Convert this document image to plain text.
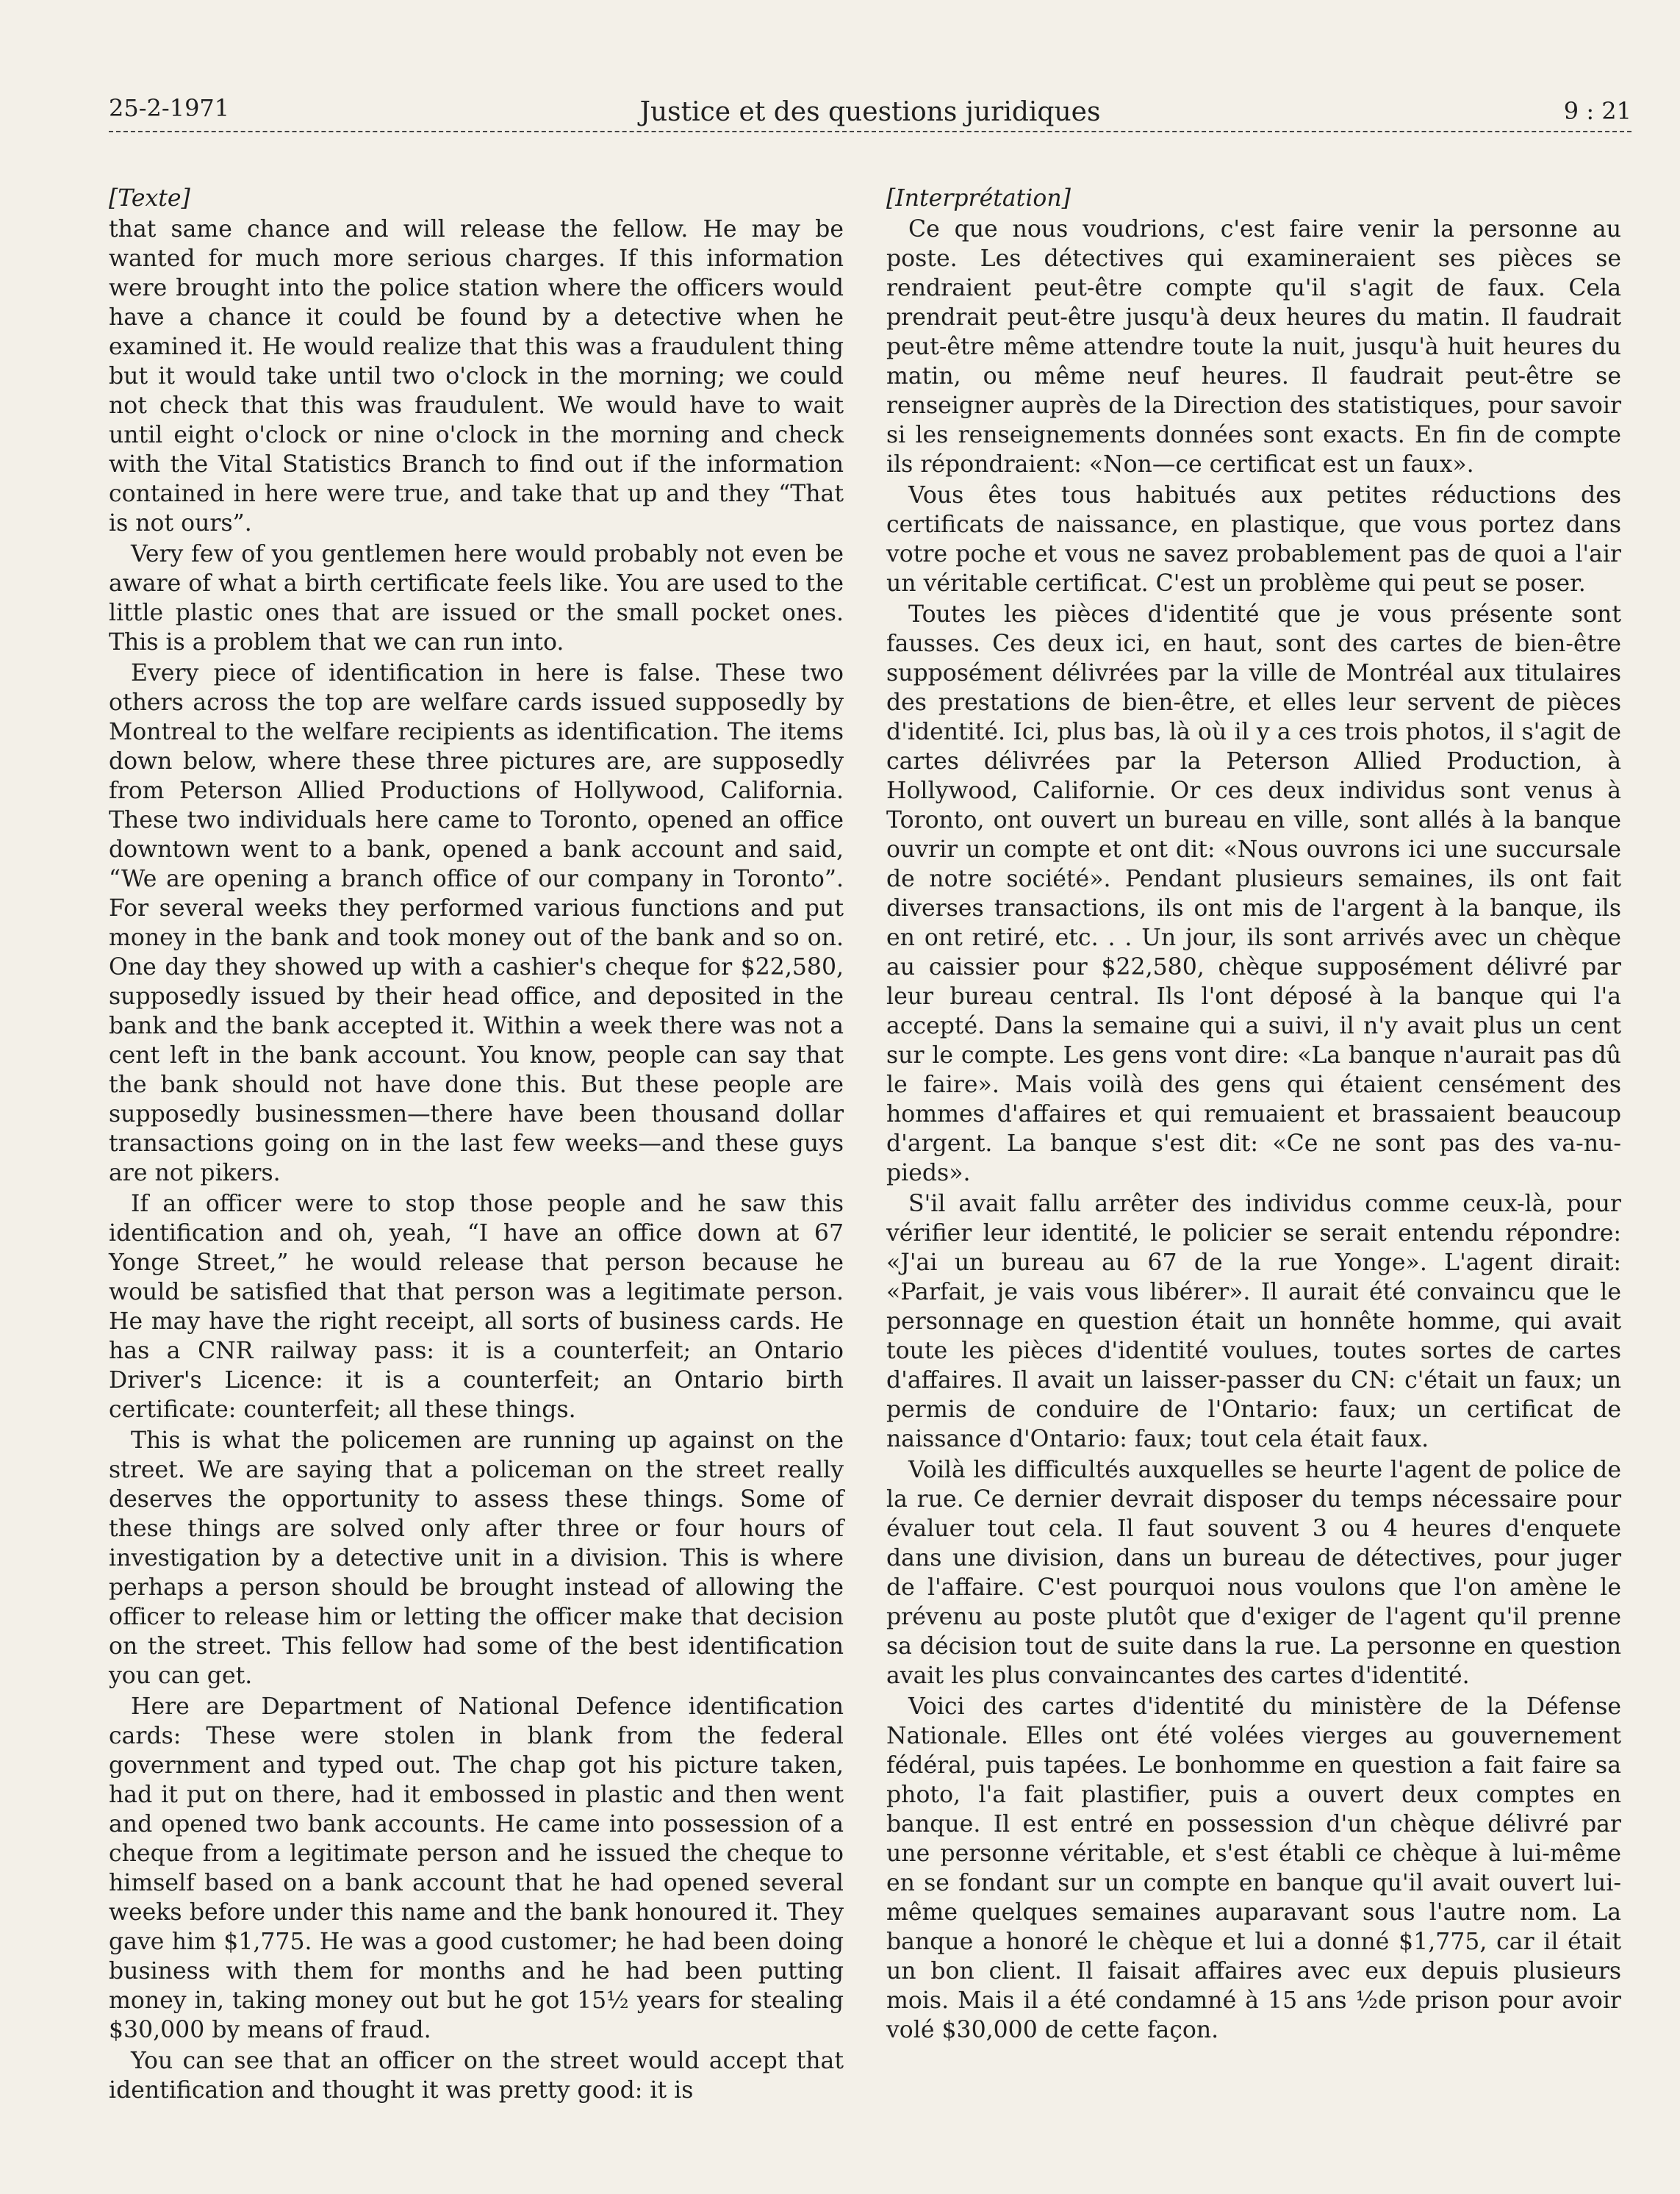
25-2-1971	Justice et des questions juridiques	9 : 21
[Texte]

that same chance and will release the fellow. He may be wanted for much more serious charges. If this information were brought into the police station where the officers would have a chance it could be found by a detective when he examined it. He would realize that this was a fraudulent thing but it would take until two o'clock in the morning; we could not check that this was fraudulent. We would have to wait until eight o'clock or nine o'clock in the morning and check with the Vital Statistics Branch to find out if the information contained in here were true, and take that up and they “That is not ours”.

Very few of you gentlemen here would probably not even be aware of what a birth certificate feels like. You are used to the little plastic ones that are issued or the small pocket ones. This is a problem that we can run into.

Every piece of identification in here is false. These two others across the top are welfare cards issued supposedly by Montreal to the welfare recipients as identification. The items down below, where these three pictures are, are supposedly from Peterson Allied Productions of Hollywood, California. These two individuals here came to Toronto, opened an office downtown went to a bank, opened a bank account and said, “We are opening a branch office of our company in Toronto”. For several weeks they performed various functions and put money in the bank and took money out of the bank and so on. One day they showed up with a cashier's cheque for $22,580, supposedly issued by their head office, and deposited in the bank and the bank accepted it. Within a week there was not a cent left in the bank account. You know, people can say that the bank should not have done this. But these people are supposedly businessmen—there have been thousand dollar transactions going on in the last few weeks—and these guys are not pikers.

If an officer were to stop those people and he saw this identification and oh, yeah, “I have an office down at 67 Yonge Street,” he would release that person because he would be satisfied that that person was a legitimate person. He may have the right receipt, all sorts of business cards. He has a CNR railway pass: it is a counterfeit; an Ontario Driver's Licence: it is a counterfeit; an Ontario birth certificate: counterfeit; all these things.

This is what the policemen are running up against on the street. We are saying that a policeman on the street really deserves the opportunity to assess these things. Some of these things are solved only after three or four hours of investigation by a detective unit in a division. This is where perhaps a person should be brought instead of allowing the officer to release him or letting the officer make that decision on the street. This fellow had some of the best identification you can get.

Here are Department of National Defence identification cards: These were stolen in blank from the federal government and typed out. The chap got his picture taken, had it put on there, had it embossed in plastic and then went and opened two bank accounts. He came into possession of a cheque from a legitimate person and he issued the cheque to himself based on a bank account that he had opened several weeks before under this name and the bank honoured it. They gave him $1,775. He was a good customer; he had been doing business with them for months and he had been putting money in, taking money out but he got 15½ years for stealing $30,000 by means of fraud.

You can see that an officer on the street would accept that identification and thought it was pretty good: it is

[Interprétation]

Ce que nous voudrions, c'est faire venir la personne au poste. Les détectives qui examineraient ses pièces se rendraient peut-être compte qu'il s'agit de faux. Cela prendrait peut-être jusqu'à deux heures du matin. Il faudrait peut-être même attendre toute la nuit, jusqu'à huit heures du matin, ou même neuf heures. Il faudrait peut-être se renseigner auprès de la Direction des statistiques, pour savoir si les renseignements données sont exacts. En fin de compte ils répondraient: «Non—ce certificat est un faux».

Vous êtes tous habitués aux petites réductions des certificats de naissance, en plastique, que vous portez dans votre poche et vous ne savez probablement pas de quoi a l'air un véritable certificat. C'est un problème qui peut se poser.

Toutes les pièces d'identité que je vous présente sont fausses. Ces deux ici, en haut, sont des cartes de bien-être supposément délivrées par la ville de Montréal aux titulaires des prestations de bien-être, et elles leur servent de pièces d'identité. Ici, plus bas, là où il y a ces trois photos, il s'agit de cartes délivrées par la Peterson Allied Production, à Hollywood, Californie. Or ces deux individus sont venus à Toronto, ont ouvert un bureau en ville, sont allés à la banque ouvrir un compte et ont dit: «Nous ouvrons ici une succursale de notre société». Pendant plusieurs semaines, ils ont fait diverses transactions, ils ont mis de l'argent à la banque, ils en ont retiré, etc. . . Un jour, ils sont arrivés avec un chèque au caissier pour $22,580, chèque supposément délivré par leur bureau central. Ils l'ont déposé à la banque qui l'a accepté. Dans la semaine qui a suivi, il n'y avait plus un cent sur le compte. Les gens vont dire: «La banque n'aurait pas dû le faire». Mais voilà des gens qui étaient censément des hommes d'affaires et qui remuaient et brassaient beaucoup d'argent. La banque s'est dit: «Ce ne sont pas des va-nu-pieds».

S'il avait fallu arrêter des individus comme ceux-là, pour vérifier leur identité, le policier se serait entendu répondre: «J'ai un bureau au 67 de la rue Yonge». L'agent dirait: «Parfait, je vais vous libérer». Il aurait été convaincu que le personnage en question était un honnête homme, qui avait toute les pièces d'identité voulues, toutes sortes de cartes d'affaires. Il avait un laisser-passer du CN: c'était un faux; un permis de conduire de l'Ontario: faux; un certificat de naissance d'Ontario: faux; tout cela était faux.

Voilà les difficultés auxquelles se heurte l'agent de police de la rue. Ce dernier devrait disposer du temps nécessaire pour évaluer tout cela. Il faut souvent 3 ou 4 heures d'enquete dans une division, dans un bureau de détectives, pour juger de l'affaire. C'est pourquoi nous voulons que l'on amène le prévenu au poste plutôt que d'exiger de l'agent qu'il prenne sa décision tout de suite dans la rue. La personne en question avait les plus convaincantes des cartes d'identité.

Voici des cartes d'identité du ministère de la Défense Nationale. Elles ont été volées vierges au gouvernement fédéral, puis tapées. Le bonhomme en question a fait faire sa photo, l'a fait plastifier, puis a ouvert deux comptes en banque. Il est entré en possession d'un chèque délivré par une personne véritable, et s'est établi ce chèque à lui-même en se fondant sur un compte en banque qu'il avait ouvert lui-même quelques semaines auparavant sous l'autre nom. La banque a honoré le chèque et lui a donné $1,775, car il était un bon client. Il faisait affaires avec eux depuis plusieurs mois. Mais il a été condamné à 15 ans ½de prison pour avoir volé $30,000 de cette façon.
